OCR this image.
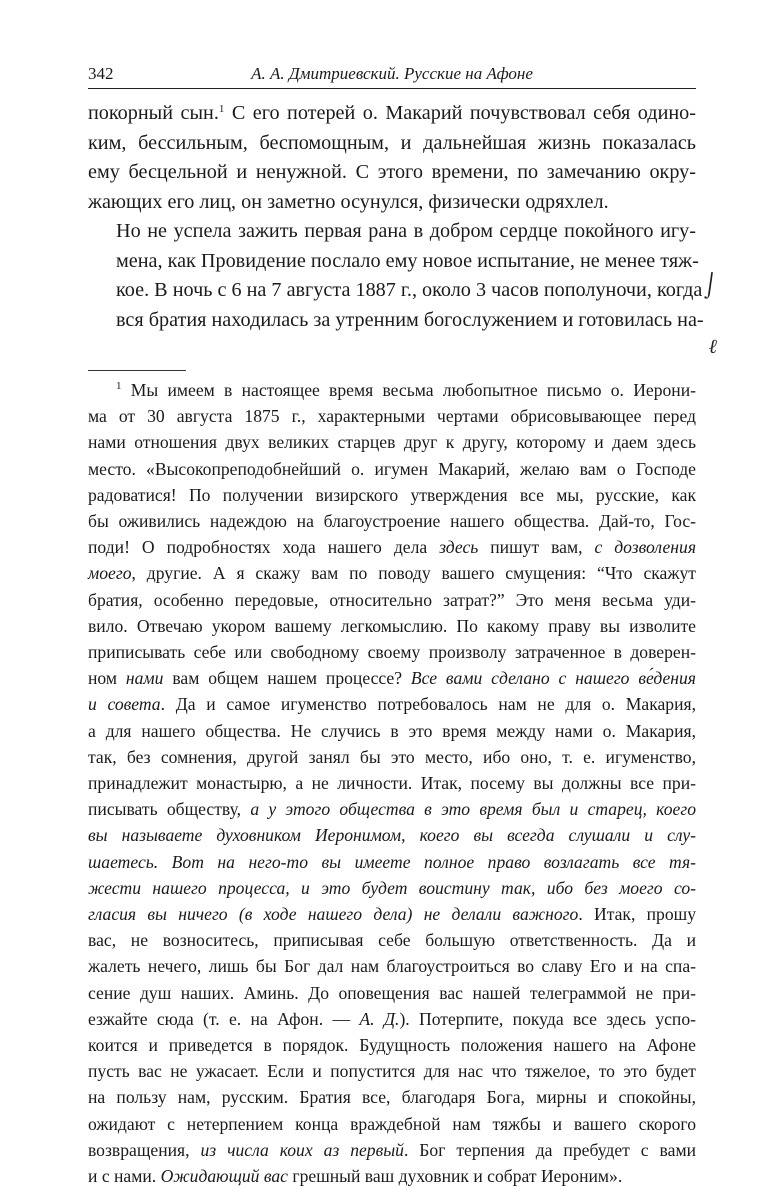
342	А. А. Дмитриевский. Русские на Афоне

покорный сын.$^1$ С его потерей о. Макарий почувствовал себя одино-
ким, бессильным, беспомощным, и дальнейшая жизнь показалась
ему бесцельной и ненужной. С этого времени, по замечанию окру-
жающих его лиц, он заметно осунулся, физически одряхлел.

Но не успела зажить первая рана в добром сердце покойного игу-
мена, как Провидение послало ему новое испытание, не менее тяж-
кое. В ночь с 6 на 7 августа 1887 г., около 3 часов пополуночи, когда
вся братия находилась за утренним богослужением и готовилась на-

$^1$ Мы имеем в настоящее время весьма любопытное письмо о. Иерони-
ма от 30 августа 1875 г., характерными чертами обрисовывающее перед
нами отношения двух великих старцев друг к другу, которому и даем здесь
место. «Высокопреподобнейший о. игумен Макарий, желаю вам о Господе
радоватися! По получении визирского утверждения все мы, русские, как
бы оживились надеждою на благоустроение нашего общества. Дай-то, Гос-
поди! О подробностях хода нашего дела здесь пишут вам, с дозволения
моего, другие. А я скажу вам по поводу вашего смущения: “Что скажут
братия, особенно передовые, относительно затрат?” Это меня весьма уди-
вило. Отвечаю укором вашему легкомыслию. По какому праву вы изволите
приписывать себе или свободному своему произволу затраченное в доверен-
ном нами вам общем нашем процессе? Все вами сделано с нашего ве́дения
и совета. Да и самое игуменство потребовалось нам не для о. Макария,
а для нашего общества. Не случись в это время между нами о. Макария,
так, без сомнения, другой занял бы это место, ибо оно, т. е. игуменство,
принадлежит монастырю, а не личности. Итак, посему вы должны все при-
писывать обществу, а у этого общества в это время был и старец, коего
вы называете духовником Иеронимом, коего вы всегда слушали и слу-
шаетесь. Вот на него-то вы имеете полное право возлагать все тя-
жести нашего процесса, и это будет воистину так, ибо без моего со-
гласия вы ничего (в ходе нашего дела) не делали важного. Итак, прошу
вас, не возноситесь, приписывая себе большую ответственность. Да и
жалеть нечего, лишь бы Бог дал нам благоустроиться во славу Его и на спа-
сение душ наших. Аминь. До оповещения вас нашей телеграммой не при-
езжайте сюда (т. е. на Афон. — А. Д.). Потерпите, покуда все здесь успо-
коится и приведется в порядок. Будущность положения нашего на Афоне
пусть вас не ужасает. Если и попустится для нас что тяжелое, то это будет
на пользу нам, русским. Братия все, благодаря Бога, мирны и спокойны,
ожидают с нетерпением конца враждебной нам тяжбы и вашего скорого
возвращения, из числа коих аз первый. Бог терпения да пребудет с вами
и с нами. Ожидающий вас грешный ваш духовник и собрат Иероним».
⌡
ℓ
